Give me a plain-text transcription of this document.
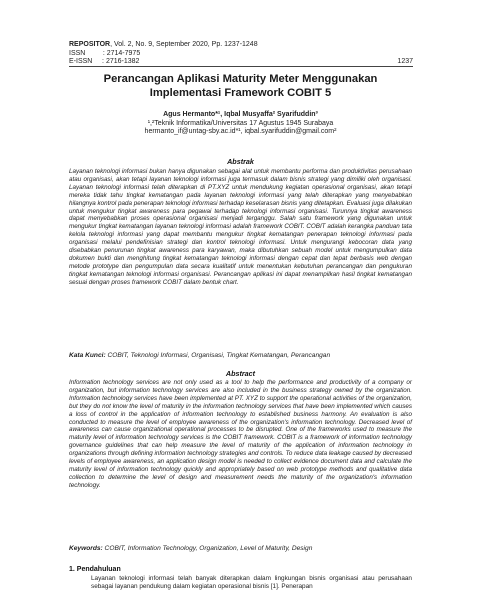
REPOSITOR, Vol. 2, No. 9, September 2020, Pp. 1237-1248
ISSN         : 2714-7975
E-ISSN     : 2716-1382	1237
Perancangan Aplikasi Maturity Meter Menggunakan
Implementasi Framework COBIT 5
Agus Hermanto*¹, Iqbal Musyaffa² Syarifuddin³
¹,²Teknik Informatika/Universitas 17 Agustus 1945 Surabaya
hermanto_if@untag-sby.ac.id*¹, iqbal.syarifuddin@gmail.com²
Abstrak

Layanan teknologi informasi bukan hanya digunakan sebagai alat untuk membantu performa dan produktivitas perusahaan atau organisasi, akan tetapi layanan teknologi informasi juga termasuk dalam bisnis strategi yang dimiliki oleh organisasi. Layanan teknologi informasi telah diterapkan di PT.XYZ untuk mendukung kegiatan operasional organisasi, akan tetapi mereka tidak tahu tingkat kematangan pada layanan teknologi informasi yang telah diterapkan yang menyebabkan hilangnya kontrol pada penerapan teknologi informasi terhadap keselarasan bisnis yang ditetapkan. Evaluasi juga dilakukan untuk mengukur tingkat awareness para pegawai terhadap teknologi informasi organisasi. Turunnya tingkat awareness dapat menyebabkan proses operasional organisasi menjadi terganggu. Salah satu framework yang digunakan untuk mengukur tingkat kematangan layanan teknologi informasi adalah framework COBIT. COBIT adalah kerangka panduan tata kelola teknologi informasi yang dapat membantu mengukur tingkat kematangan penerapan teknologi informasi pada organisasi melalui pendefinisian strategi dan kontrol teknologi informasi. Untuk mengurangi kebocoran data yang disebabkan penurunan tingkat awareness para karyawan, maka dibutuhkan sebuah model untuk mengumpulkan data dokumen bukti dan menghitung tingkat kematangan teknologi informasi dengan cepat dan tepat berbasis web dengan metode prototype dan pengumpulan data secara kualitatif untuk menentukan kebutuhan perancangan dan pengukuran tingkat kematangan teknologi informasi organisasi. Perancangan aplikasi ini dapat menampilkan hasil tingkat kematangan sesuai dengan proses framework COBIT dalam bentuk chart.

Kata Kunci: COBIT, Teknologi Informasi, Organisasi, Tingkat Kematangan, Perancangan
Abstract

Information technology services are not only used as a tool to help the performance and productivity of a company or organization, but information technology services are also included in the business strategy owned by the organization. Information technology services have been implemented at PT. XYZ to support the operational activities of the organization, but they do not know the level of maturity in the information technology services that have been implemented which causes a loss of control in the application of information technology to established business harmony. An evaluation is also conducted to measure the level of employee awareness of the organization's information technology. Decreased level of awareness can cause organizational operational processes to be disrupted. One of the frameworks used to measure the maturity level of information technology services is the COBIT framework. COBIT is a framework of information technology governance guidelines that can help measure the level of maturity of the application of information technology in organizations through defining information technology strategies and controls. To reduce data leakage caused by decreased levels of employee awareness, an application design model is needed to collect evidence document data and calculate the maturity level of information technology quickly and appropriately based on web prototype methods and qualitative data collection to determine the level of design and measurement needs the maturity of the organization's information technology.

Keywords: COBIT, Information Technology, Organization, Level of Maturity, Design
1. Pendahuluan
Layanan teknologi informasi telah banyak diterapkan dalam lingkungan bisnis organisasi atau perusahaan sebagai layanan pendukung dalam kegiatan operasional bisnis [1]. Penerapan
